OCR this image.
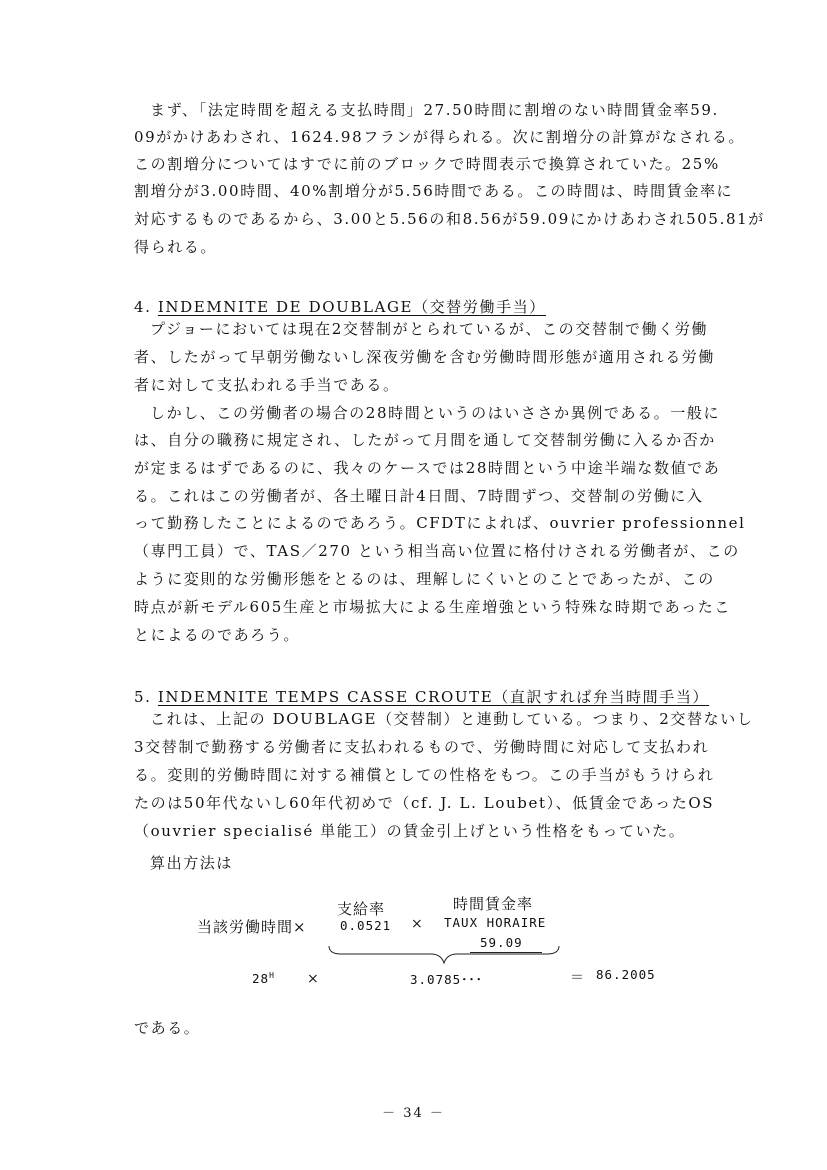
まず、「法定時間を超える支払時間」27.50時間に割増のない時間賃金率59.
09がかけあわされ、1624.98フランが得られる。次に割増分の計算がなされる。
この割増分についてはすでに前のブロックで時間表示で換算されていた。25%
割増分が3.00時間、40%割増分が5.56時間である。この時間は、時間賃金率に
対応するものであるから、3.00と5.56の和8.56が59.09にかけあわされ505.81が
得られる。
4. INDEMNITE DE DOUBLAGE（交替労働手当）
プジョーにおいては現在2交替制がとられているが、この交替制で働く労働
者、したがって早朝労働ないし深夜労働を含む労働時間形態が適用される労働
者に対して支払われる手当である。
しかし、この労働者の場合の28時間というのはいささか異例である。一般に
は、自分の職務に規定され、したがって月間を通して交替制労働に入るか否か
が定まるはずであるのに、我々のケースでは28時間という中途半端な数値であ
る。これはこの労働者が、各土曜日計4日間、7時間ずつ、交替制の労働に入
って勤務したことによるのであろう。CFDTによれば、ouvrier professionnel
（専門工員）で、TAS／270 という相当高い位置に格付けされる労働者が、この
ように変則的な労働形態をとるのは、理解しにくいとのことであったが、この
時点が新モデル605生産と市場拡大による生産増強という特殊な時期であったこ
とによるのであろう。
5. INDEMNITE TEMPS CASSE CROUTE（直訳すれば弁当時間手当）
これは、上記の DOUBLAGE（交替制）と連動している。つまり、2交替ないし
3交替制で勤務する労働者に支払われるもので、労働時間に対応して支払われ
る。変則的労働時間に対する補償としての性格をもつ。この手当がもうけられ
たのは50年代ないし60年代初めで（cf. J. L. Loubet）、低賃金であったOS
（ouvrier specialisé 単能工）の賃金引上げという性格をもっていた。
算出方法は
支給率	時間賃金率
当該労働時間×	0.0521 × TAUX HORAIRE
59.09
$28^H$ ×	3.0785･･･	＝ 86.2005
である。
－ 34 －
